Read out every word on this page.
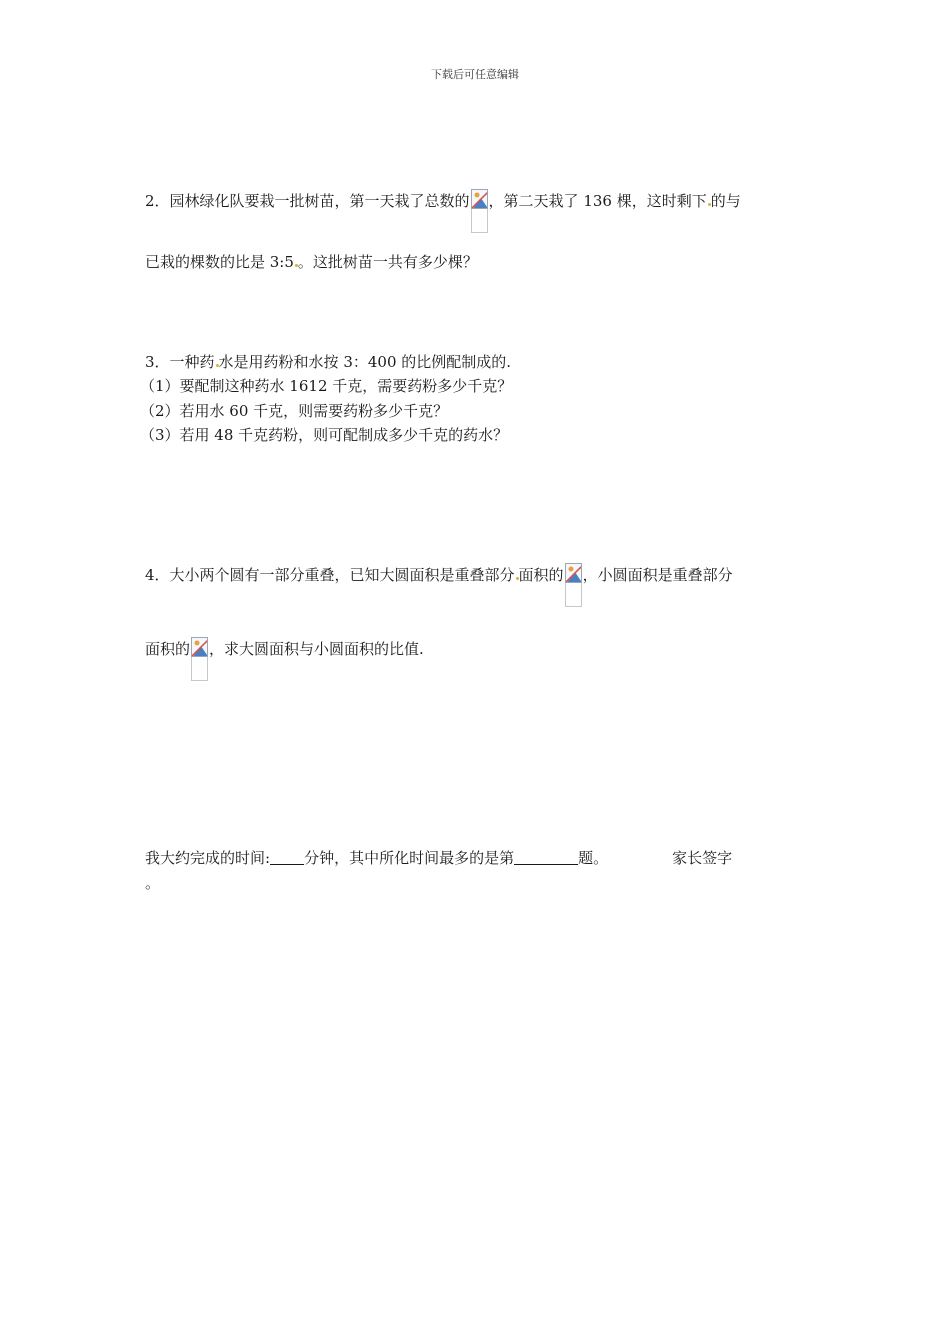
下载后可任意编辑
2．园林绿化队要栽一批树苗，第一天栽了总数的 ，第二天栽了 136 棵，这时剩下 的与
已栽的棵数的比是 3:5 。这批树苗一共有多少棵？
3．一种药 水是用药粉和水按 3：400 的比例配制成的.
（1）要配制这种药水 1612 千克，需要药粉多少千克？
（2）若用水 60 千克，则需要药粉多少千克？
（3）若用 48 千克药粉，则可配制成多少千克的药水？
4．大小两个圆有一部分重叠，已知大圆面积是重叠部分 面积的 ，小圆面积是重叠部分
面积的 ，求大圆面积与小圆面积的比值.
我大约完成的时间: 分钟，其中所化时间最多的是第	题。	家长签字
。
